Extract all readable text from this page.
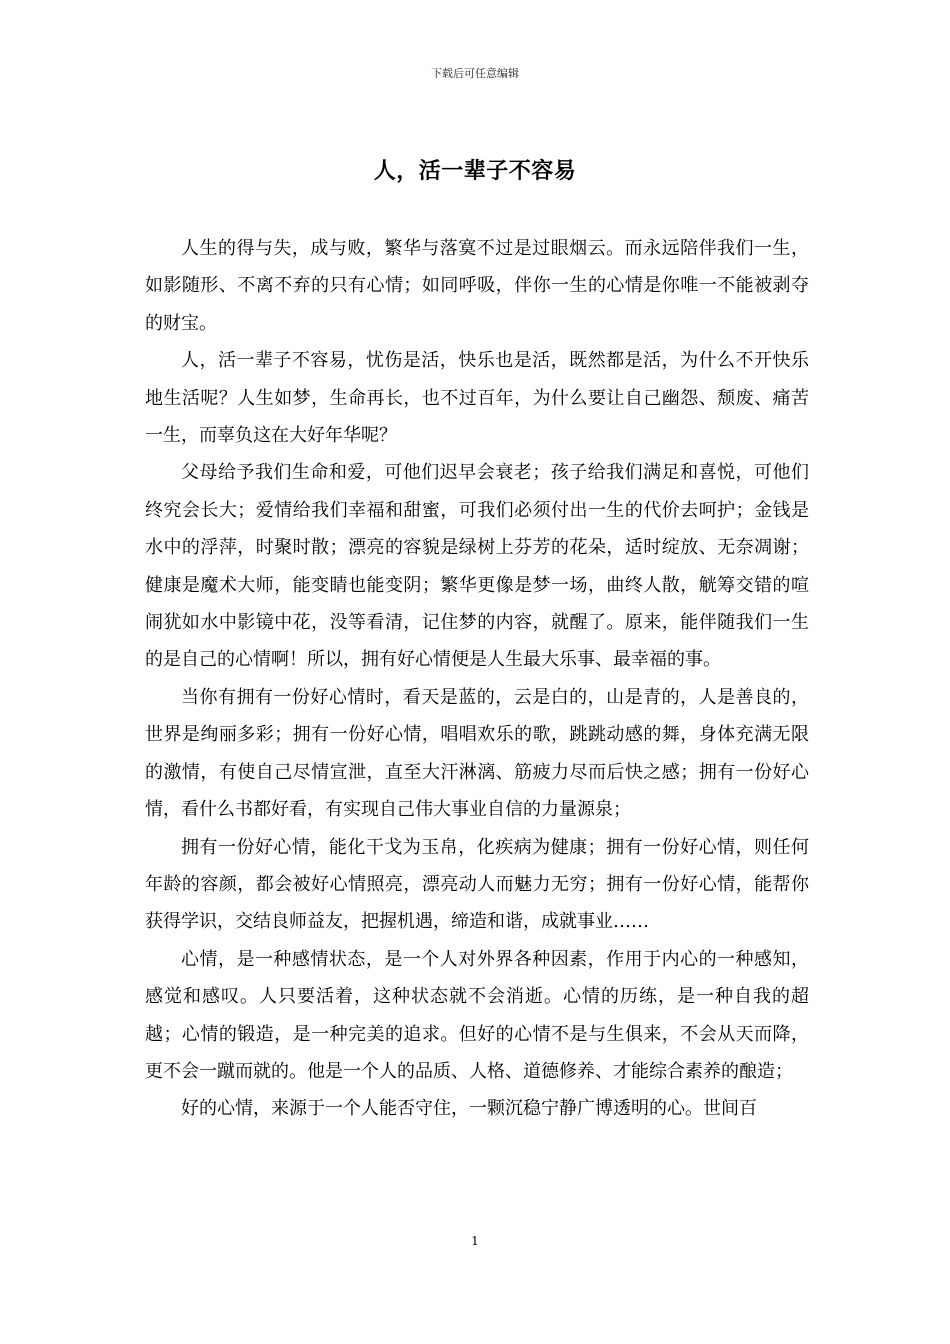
下载后可任意编辑
人，活一辈子不容易

人生的得与失，成与败，繁华与落寞不过是过眼烟云。而永远陪伴我们一生，如影随形、不离不弃的只有心情；如同呼吸，伴你一生的心情是你唯一不能被剥夺的财宝。

人，活一辈子不容易，忧伤是活，快乐也是活，既然都是活，为什么不开快乐地生活呢？人生如梦，生命再长，也不过百年，为什么要让自己幽怨、颓废、痛苦一生，而辜负这在大好年华呢？

父母给予我们生命和爱，可他们迟早会衰老；孩子给我们满足和喜悦，可他们终究会长大；爱情给我们幸福和甜蜜，可我们必须付出一生的代价去呵护；金钱是水中的浮萍，时聚时散；漂亮的容貌是绿树上芬芳的花朵，适时绽放、无奈凋谢；健康是魔术大师，能变睛也能变阴；繁华更像是梦一场，曲终人散，觥筹交错的喧闹犹如水中影镜中花，没等看清，记住梦的内容，就醒了。原来，能伴随我们一生的是自己的心情啊！所以，拥有好心情便是人生最大乐事、最幸福的事。

当你有拥有一份好心情时，看天是蓝的，云是白的，山是青的，人是善良的，世界是绚丽多彩；拥有一份好心情，唱唱欢乐的歌，跳跳动感的舞，身体充满无限的激情，有使自己尽情宣泄，直至大汗淋漓、筋疲力尽而后快之感；拥有一份好心情，看什么书都好看，有实现自己伟大事业自信的力量源泉；

拥有一份好心情，能化干戈为玉帛，化疾病为健康；拥有一份好心情，则任何年龄的容颜，都会被好心情照亮，漂亮动人而魅力无穷；拥有一份好心情，能帮你获得学识，交结良师益友，把握机遇，缔造和谐，成就事业……

心情，是一种感情状态，是一个人对外界各种因素，作用于内心的一种感知，感觉和感叹。人只要活着，这种状态就不会消逝。心情的历练，是一种自我的超越；心情的锻造，是一种完美的追求。但好的心情不是与生俱来，不会从天而降，更不会一蹴而就的。他是一个人的品质、人格、道德修养、才能综合素养的酿造；

好的心情，来源于一个人能否守住，一颗沉稳宁静广博透明的心。世间百

1
